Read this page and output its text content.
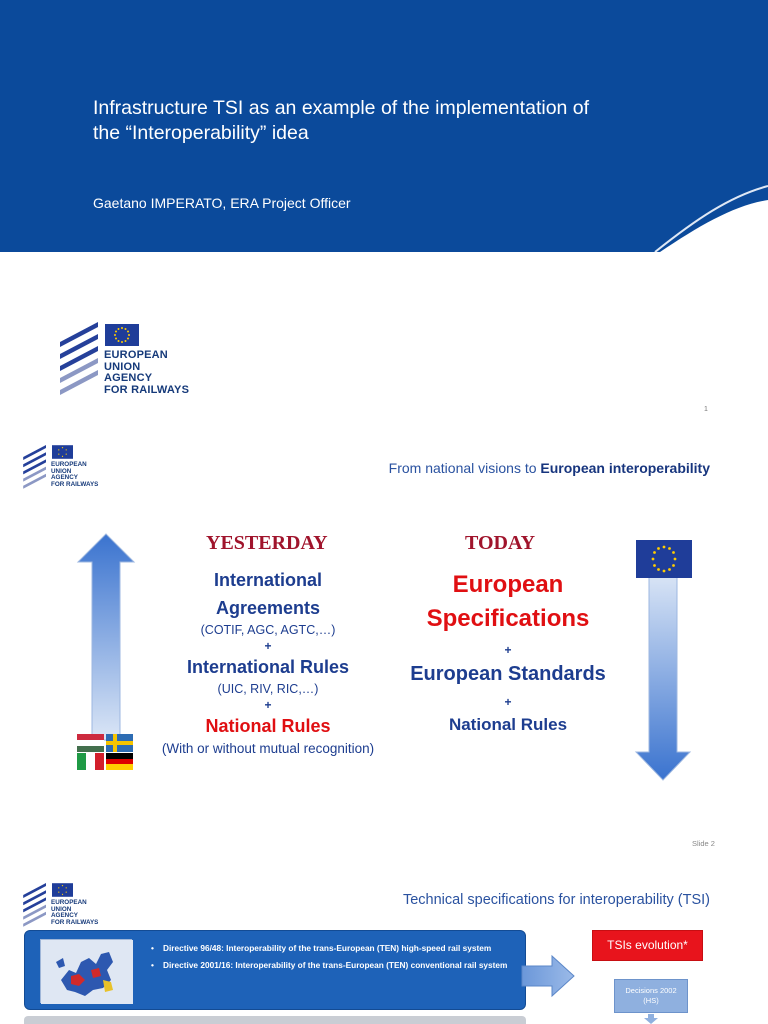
Infrastructure TSI as an example of the implementation of
the “Interoperability” idea
Gaetano IMPERATO, ERA Project Officer
EUROPEAN
UNION
AGENCY
FOR RAILWAYS
1
EUROPEAN
UNION
AGENCY
FOR RAILWAYS
From national visions to European interoperability
YESTERDAY	TODAY
International
Agreements
(COTIF, AGC, AGTC,…)
+
International Rules
(UIC, RIV, RIC,…)
+
National Rules
(With or without mutual recognition)
European
Specifications
+
European Standards
+
National Rules
Slide 2
EUROPEAN
UNION
AGENCY
FOR RAILWAYS
Technical specifications for interoperability (TSI)
• Directive 96/48: Interoperability of the trans-European (TEN) high-speed rail system
• Directive 2001/16: Interoperability of the trans-European (TEN) conventional rail system
TSIs evolution*
Decisions 2002
(HS)
